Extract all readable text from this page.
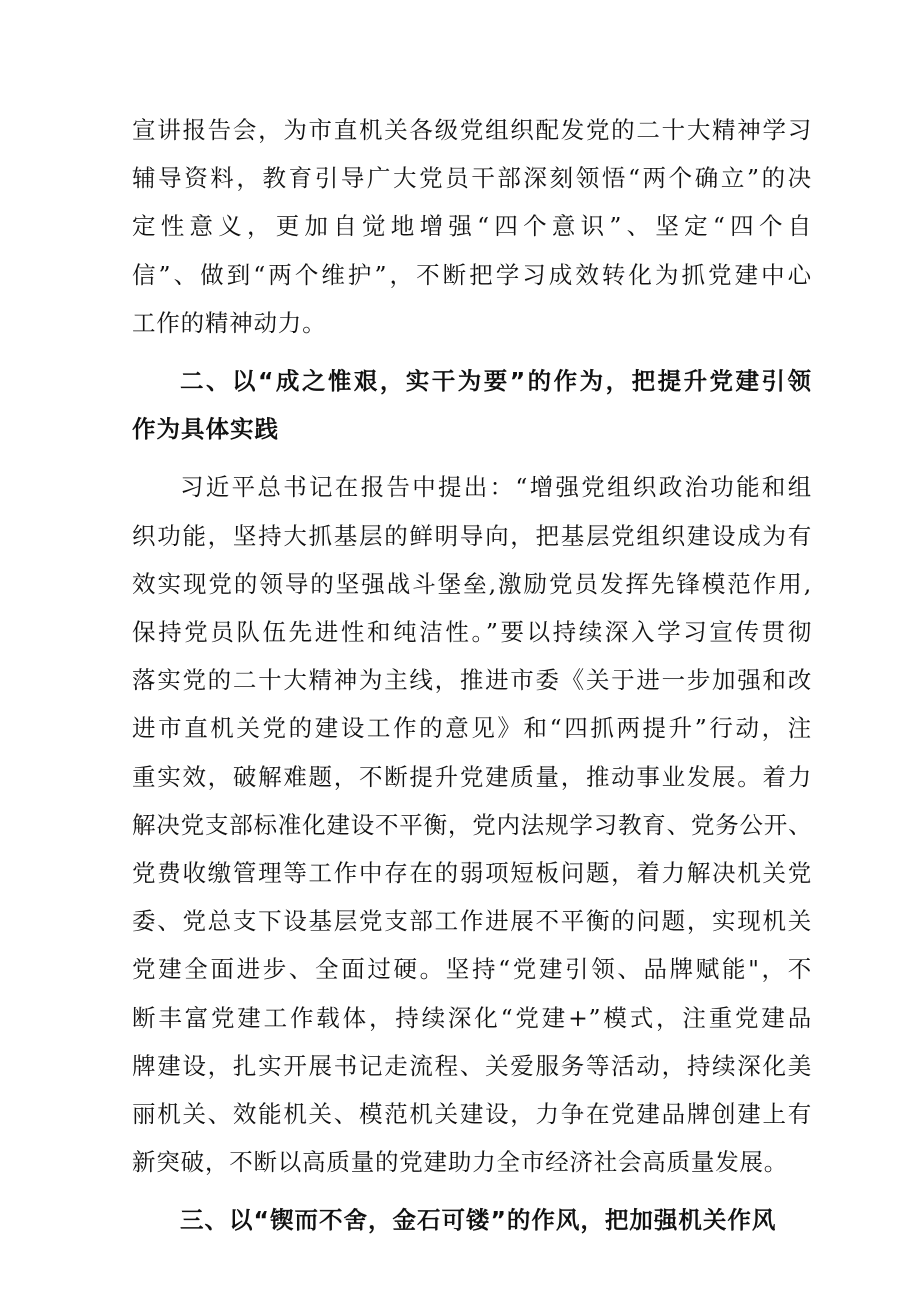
宣讲报告会，为市直机关各级党组织配发党的二十大精神学习
辅导资料，教育引导广大党员干部深刻领悟“两个确立”的决
定性意义，更加自觉地增强“四个意识”、坚定“四个自
信”、做到“两个维护”，不断把学习成效转化为抓党建中心
工作的精神动力。
二、以“成之惟艰，实干为要”的作为，把提升党建引领
作为具体实践
习近平总书记在报告中提出：“增强党组织政治功能和组
织功能，坚持大抓基层的鲜明导向，把基层党组织建设成为有
效实现党的领导的坚强战斗堡垒,激励党员发挥先锋模范作用,
保持党员队伍先进性和纯洁性。”要以持续深入学习宣传贯彻
落实党的二十大精神为主线，推进市委《关于进一步加强和改
进市直机关党的建设工作的意见》和“四抓两提升”行动，注
重实效，破解难题，不断提升党建质量，推动事业发展。着力
解决党支部标准化建设不平衡，党内法规学习教育、党务公开、
党费收缴管理等工作中存在的弱项短板问题，着力解决机关党
委、党总支下设基层党支部工作进展不平衡的问题，实现机关
党建全面进步、全面过硬。坚持“党建引领、品牌赋能"，不
断丰富党建工作载体，持续深化“党建+”模式，注重党建品
牌建设，扎实开展书记走流程、关爱服务等活动，持续深化美
丽机关、效能机关、模范机关建设，力争在党建品牌创建上有
新突破，不断以高质量的党建助力全市经济社会高质量发展。
三、以“锲而不舍，金石可镂”的作风，把加强机关作风
